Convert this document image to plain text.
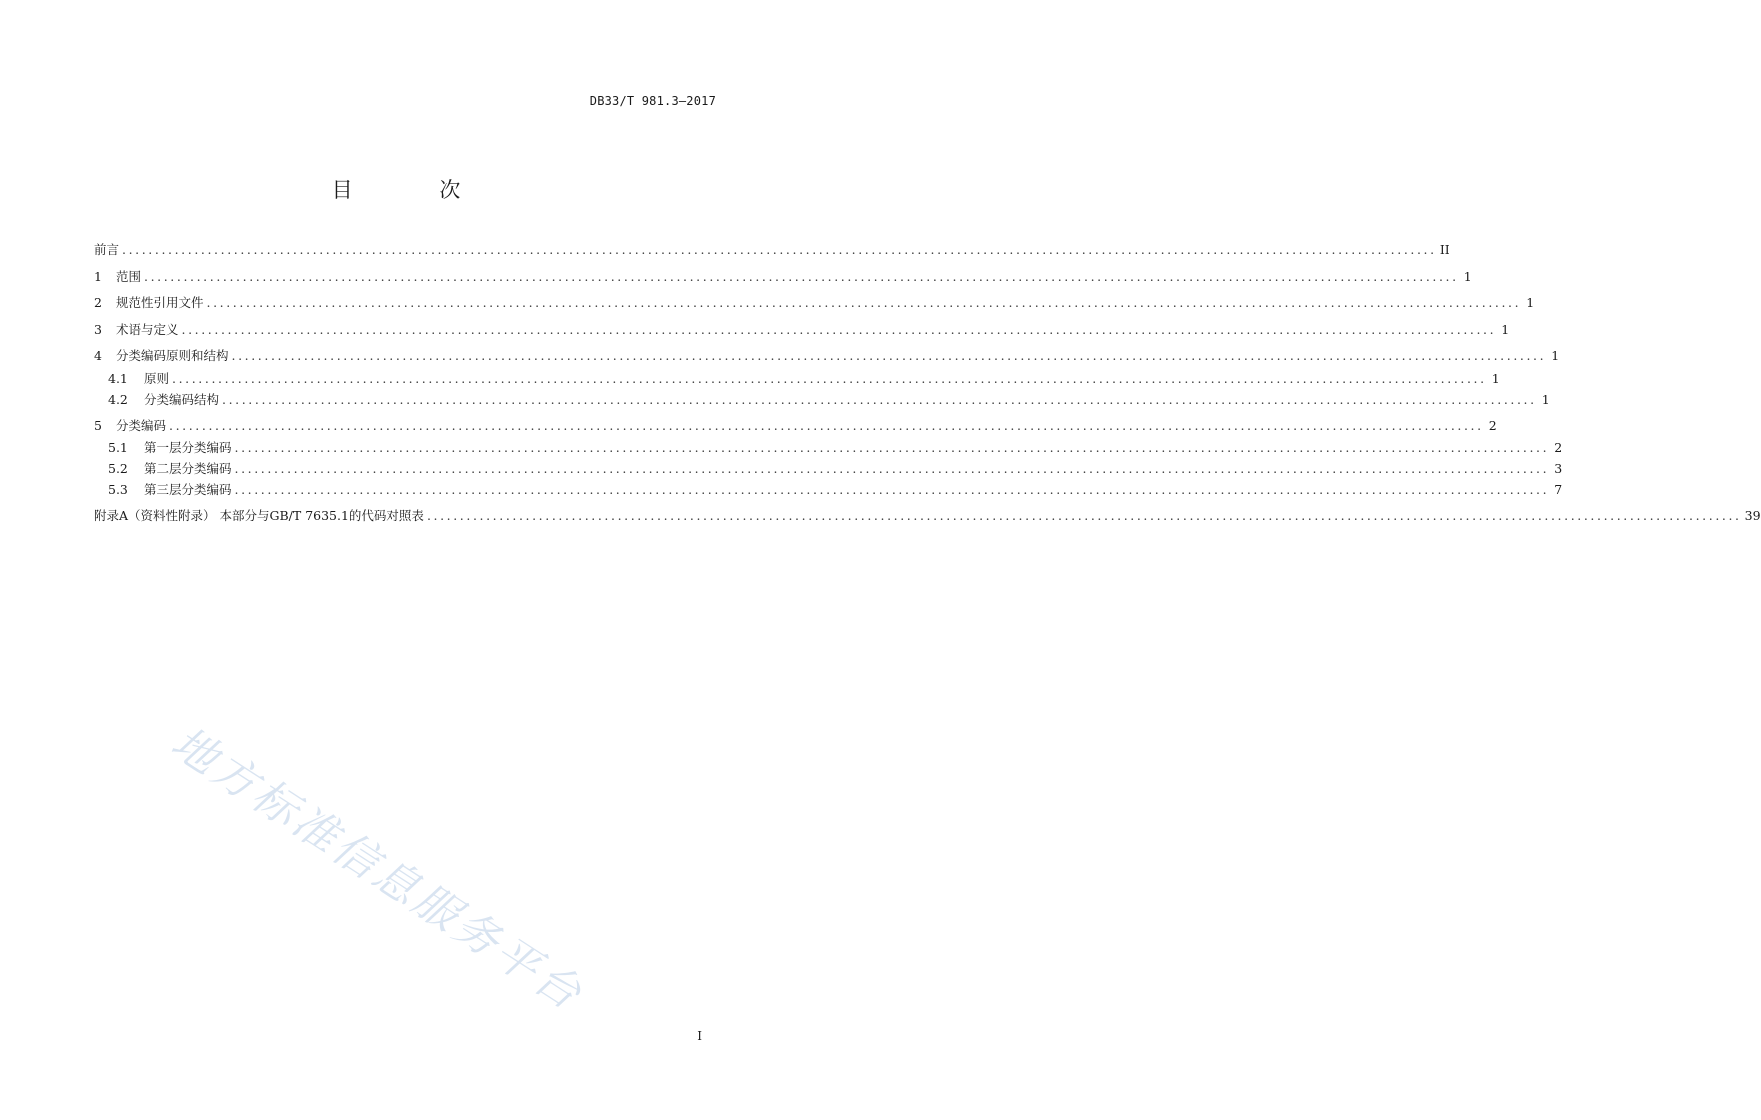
DB33/T 981.3—2017
目 次
前言 ........................................................................................................................................................................................................ II
1	范围 ........................................................................................................................................................................................................ 1
2	规范性引用文件 ........................................................................................................................................................................................................ 1
3	术语与定义 ........................................................................................................................................................................................................ 1
4	分类编码原则和结构 ........................................................................................................................................................................................................ 1
4.1	原则 ........................................................................................................................................................................................................ 1
4.2	分类编码结构 ........................................................................................................................................................................................................ 1
5	分类编码 ........................................................................................................................................................................................................ 2
5.1	第一层分类编码 ........................................................................................................................................................................................................ 2
5.2	第二层分类编码 ........................................................................................................................................................................................................ 3
5.3	第三层分类编码 ........................................................................................................................................................................................................ 7
附录A（资料性附录） 本部分与GB/T 7635.1的代码对照表 ........................................................................................................................................................................................................ 39
地方标准信息服务平台
I
